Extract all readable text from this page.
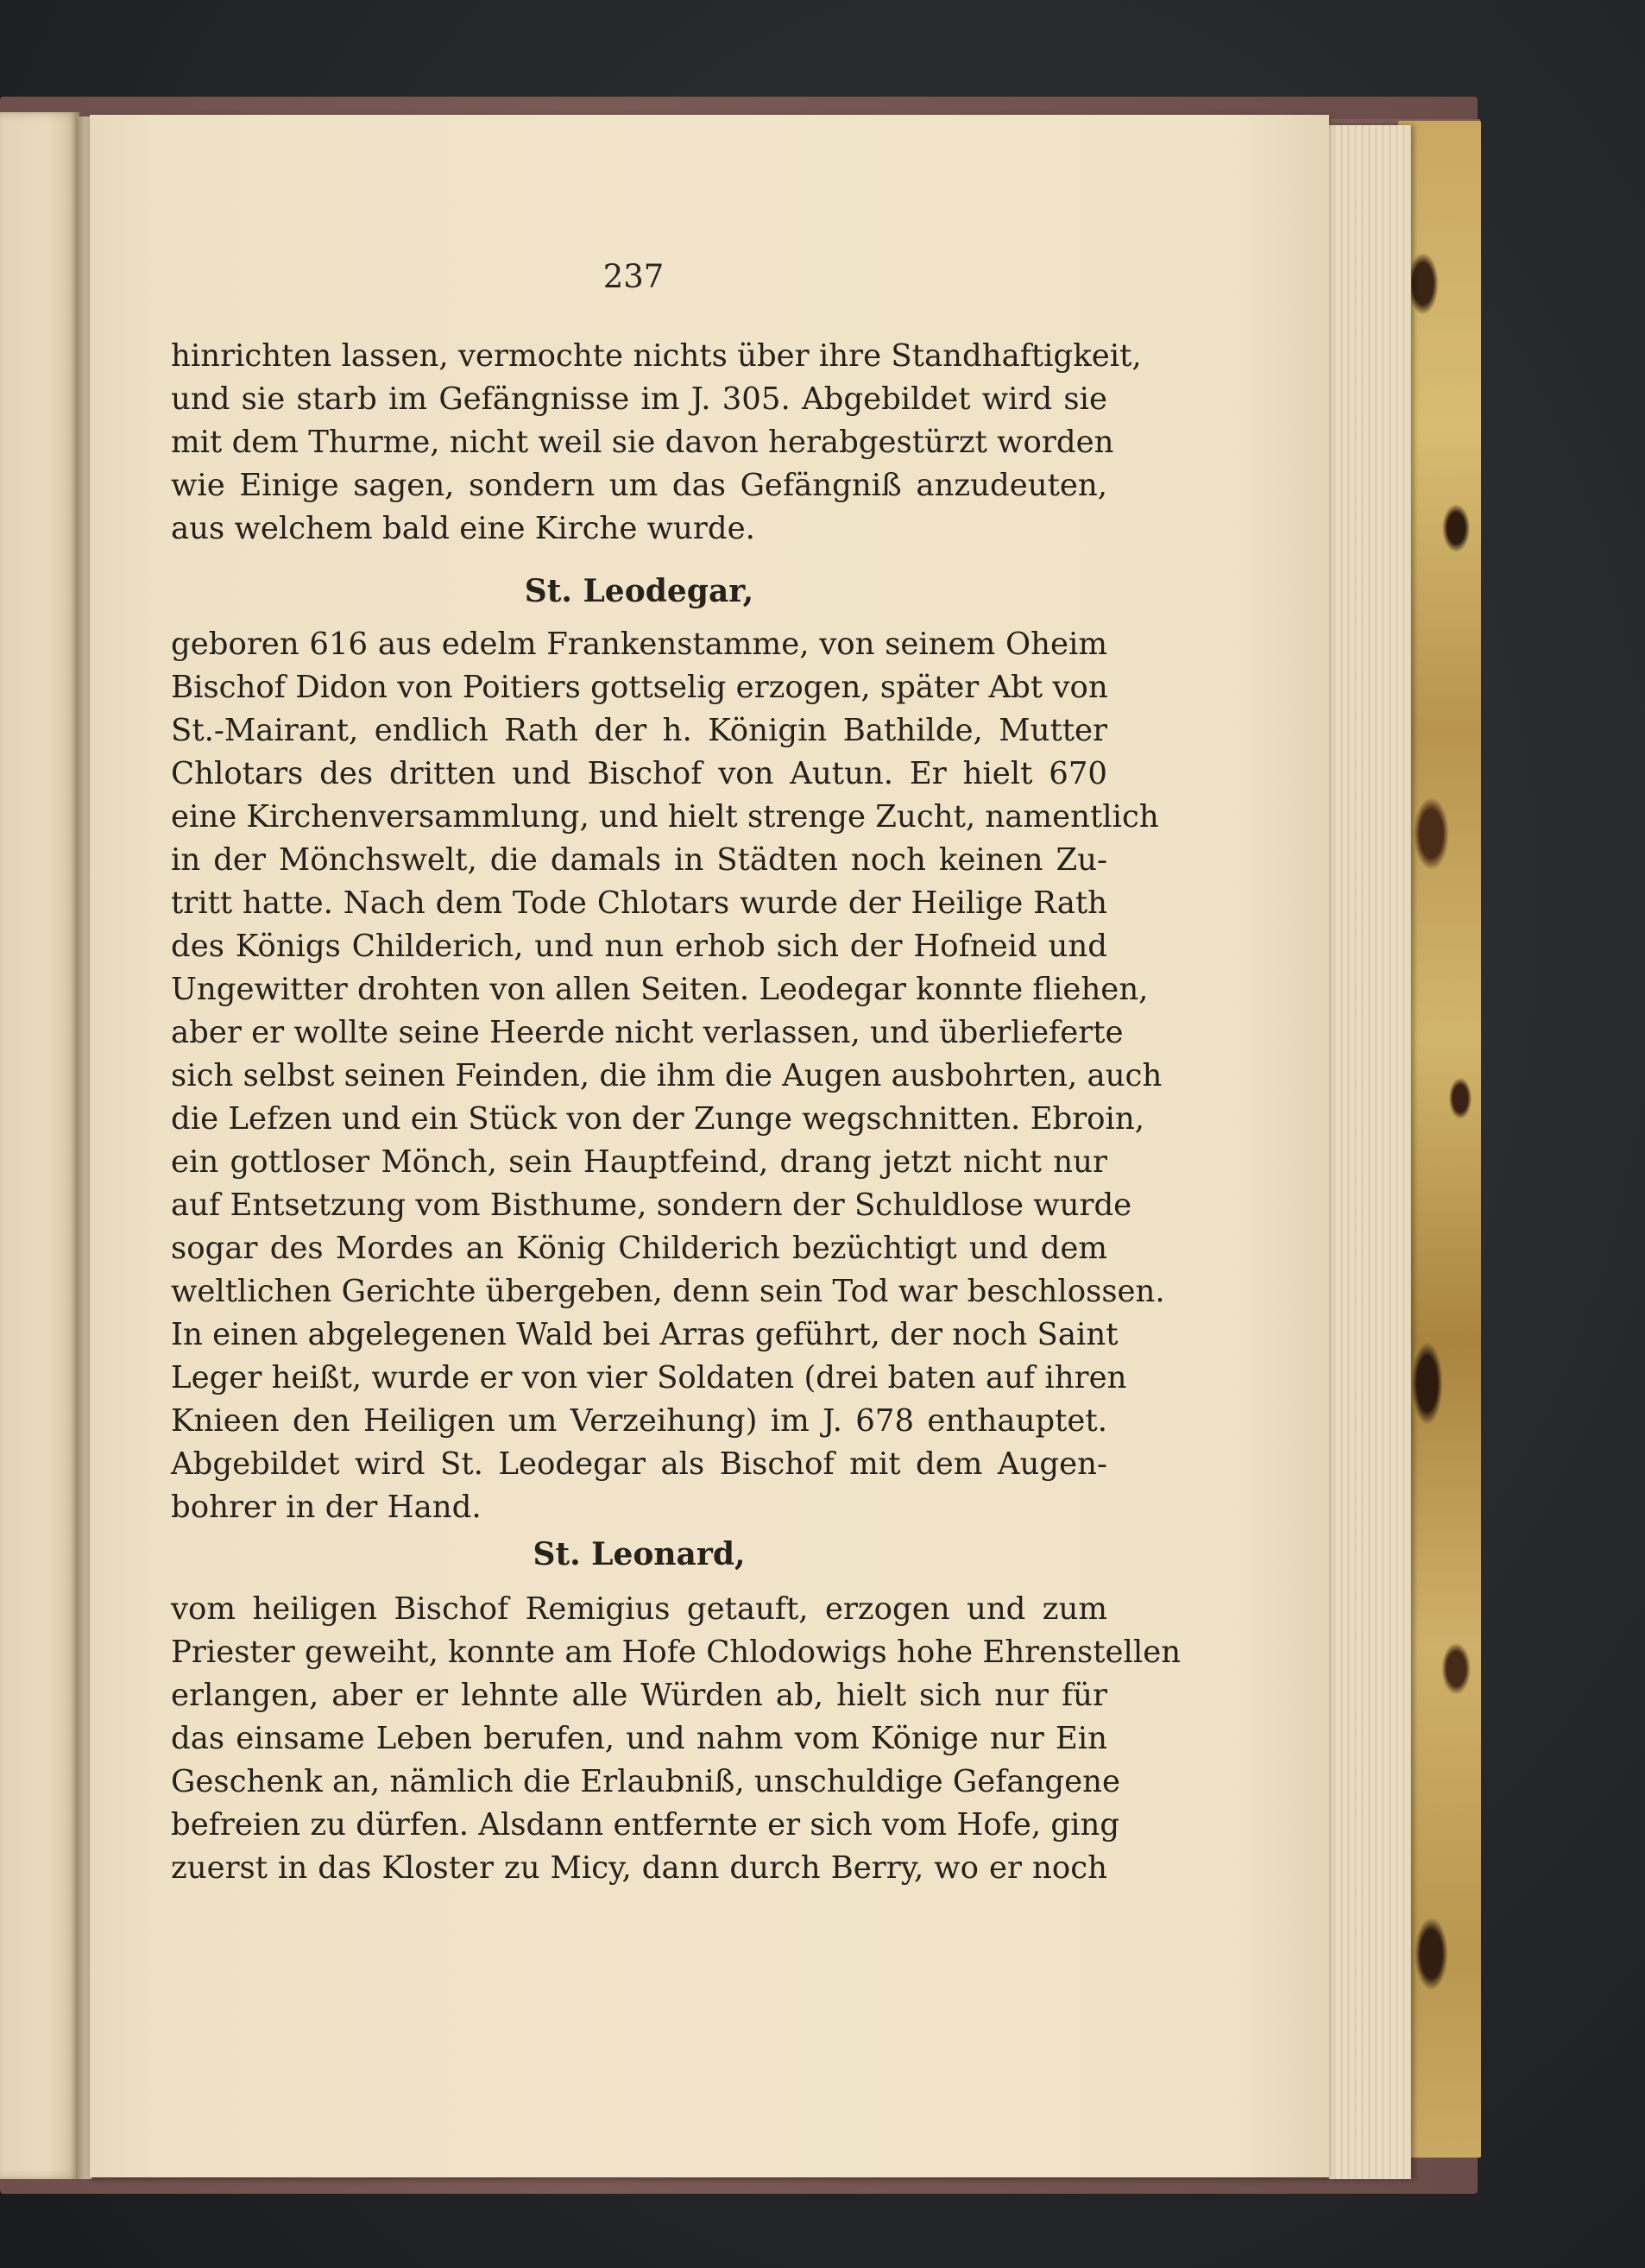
237
hinrichten lassen, vermochte nichts über ihre Standhaftigkeit,
und sie starb im Gefängnisse im J. 305. Abgebildet wird sie
mit dem Thurme, nicht weil sie davon herabgestürzt worden
wie Einige sagen, sondern um das Gefängniß anzudeuten,
aus welchem bald eine Kirche wurde.
St. Leodegar,
geboren 616 aus edelm Frankenstamme, von seinem Oheim
Bischof Didon von Poitiers gottselig erzogen, später Abt von
St.-Mairant, endlich Rath der h. Königin Bathilde, Mutter
Chlotars des dritten und Bischof von Autun. Er hielt 670
eine Kirchenversammlung, und hielt strenge Zucht, namentlich
in der Mönchswelt, die damals in Städten noch keinen Zu-
tritt hatte. Nach dem Tode Chlotars wurde der Heilige Rath
des Königs Childerich, und nun erhob sich der Hofneid und
Ungewitter drohten von allen Seiten. Leodegar konnte fliehen,
aber er wollte seine Heerde nicht verlassen, und überlieferte
sich selbst seinen Feinden, die ihm die Augen ausbohrten, auch
die Lefzen und ein Stück von der Zunge wegschnitten. Ebroin,
ein gottloser Mönch, sein Hauptfeind, drang jetzt nicht nur
auf Entsetzung vom Bisthume, sondern der Schuldlose wurde
sogar des Mordes an König Childerich bezüchtigt und dem
weltlichen Gerichte übergeben, denn sein Tod war beschlossen.
In einen abgelegenen Wald bei Arras geführt, der noch Saint
Leger heißt, wurde er von vier Soldaten (drei baten auf ihren
Knieen den Heiligen um Verzeihung) im J. 678 enthauptet.
Abgebildet wird St. Leodegar als Bischof mit dem Augen-
bohrer in der Hand.
St. Leonard,
vom heiligen Bischof Remigius getauft, erzogen und zum
Priester geweiht, konnte am Hofe Chlodowigs hohe Ehrenstellen
erlangen, aber er lehnte alle Würden ab, hielt sich nur für
das einsame Leben berufen, und nahm vom Könige nur Ein
Geschenk an, nämlich die Erlaubniß, unschuldige Gefangene
befreien zu dürfen. Alsdann entfernte er sich vom Hofe, ging
zuerst in das Kloster zu Micy, dann durch Berry, wo er noch
